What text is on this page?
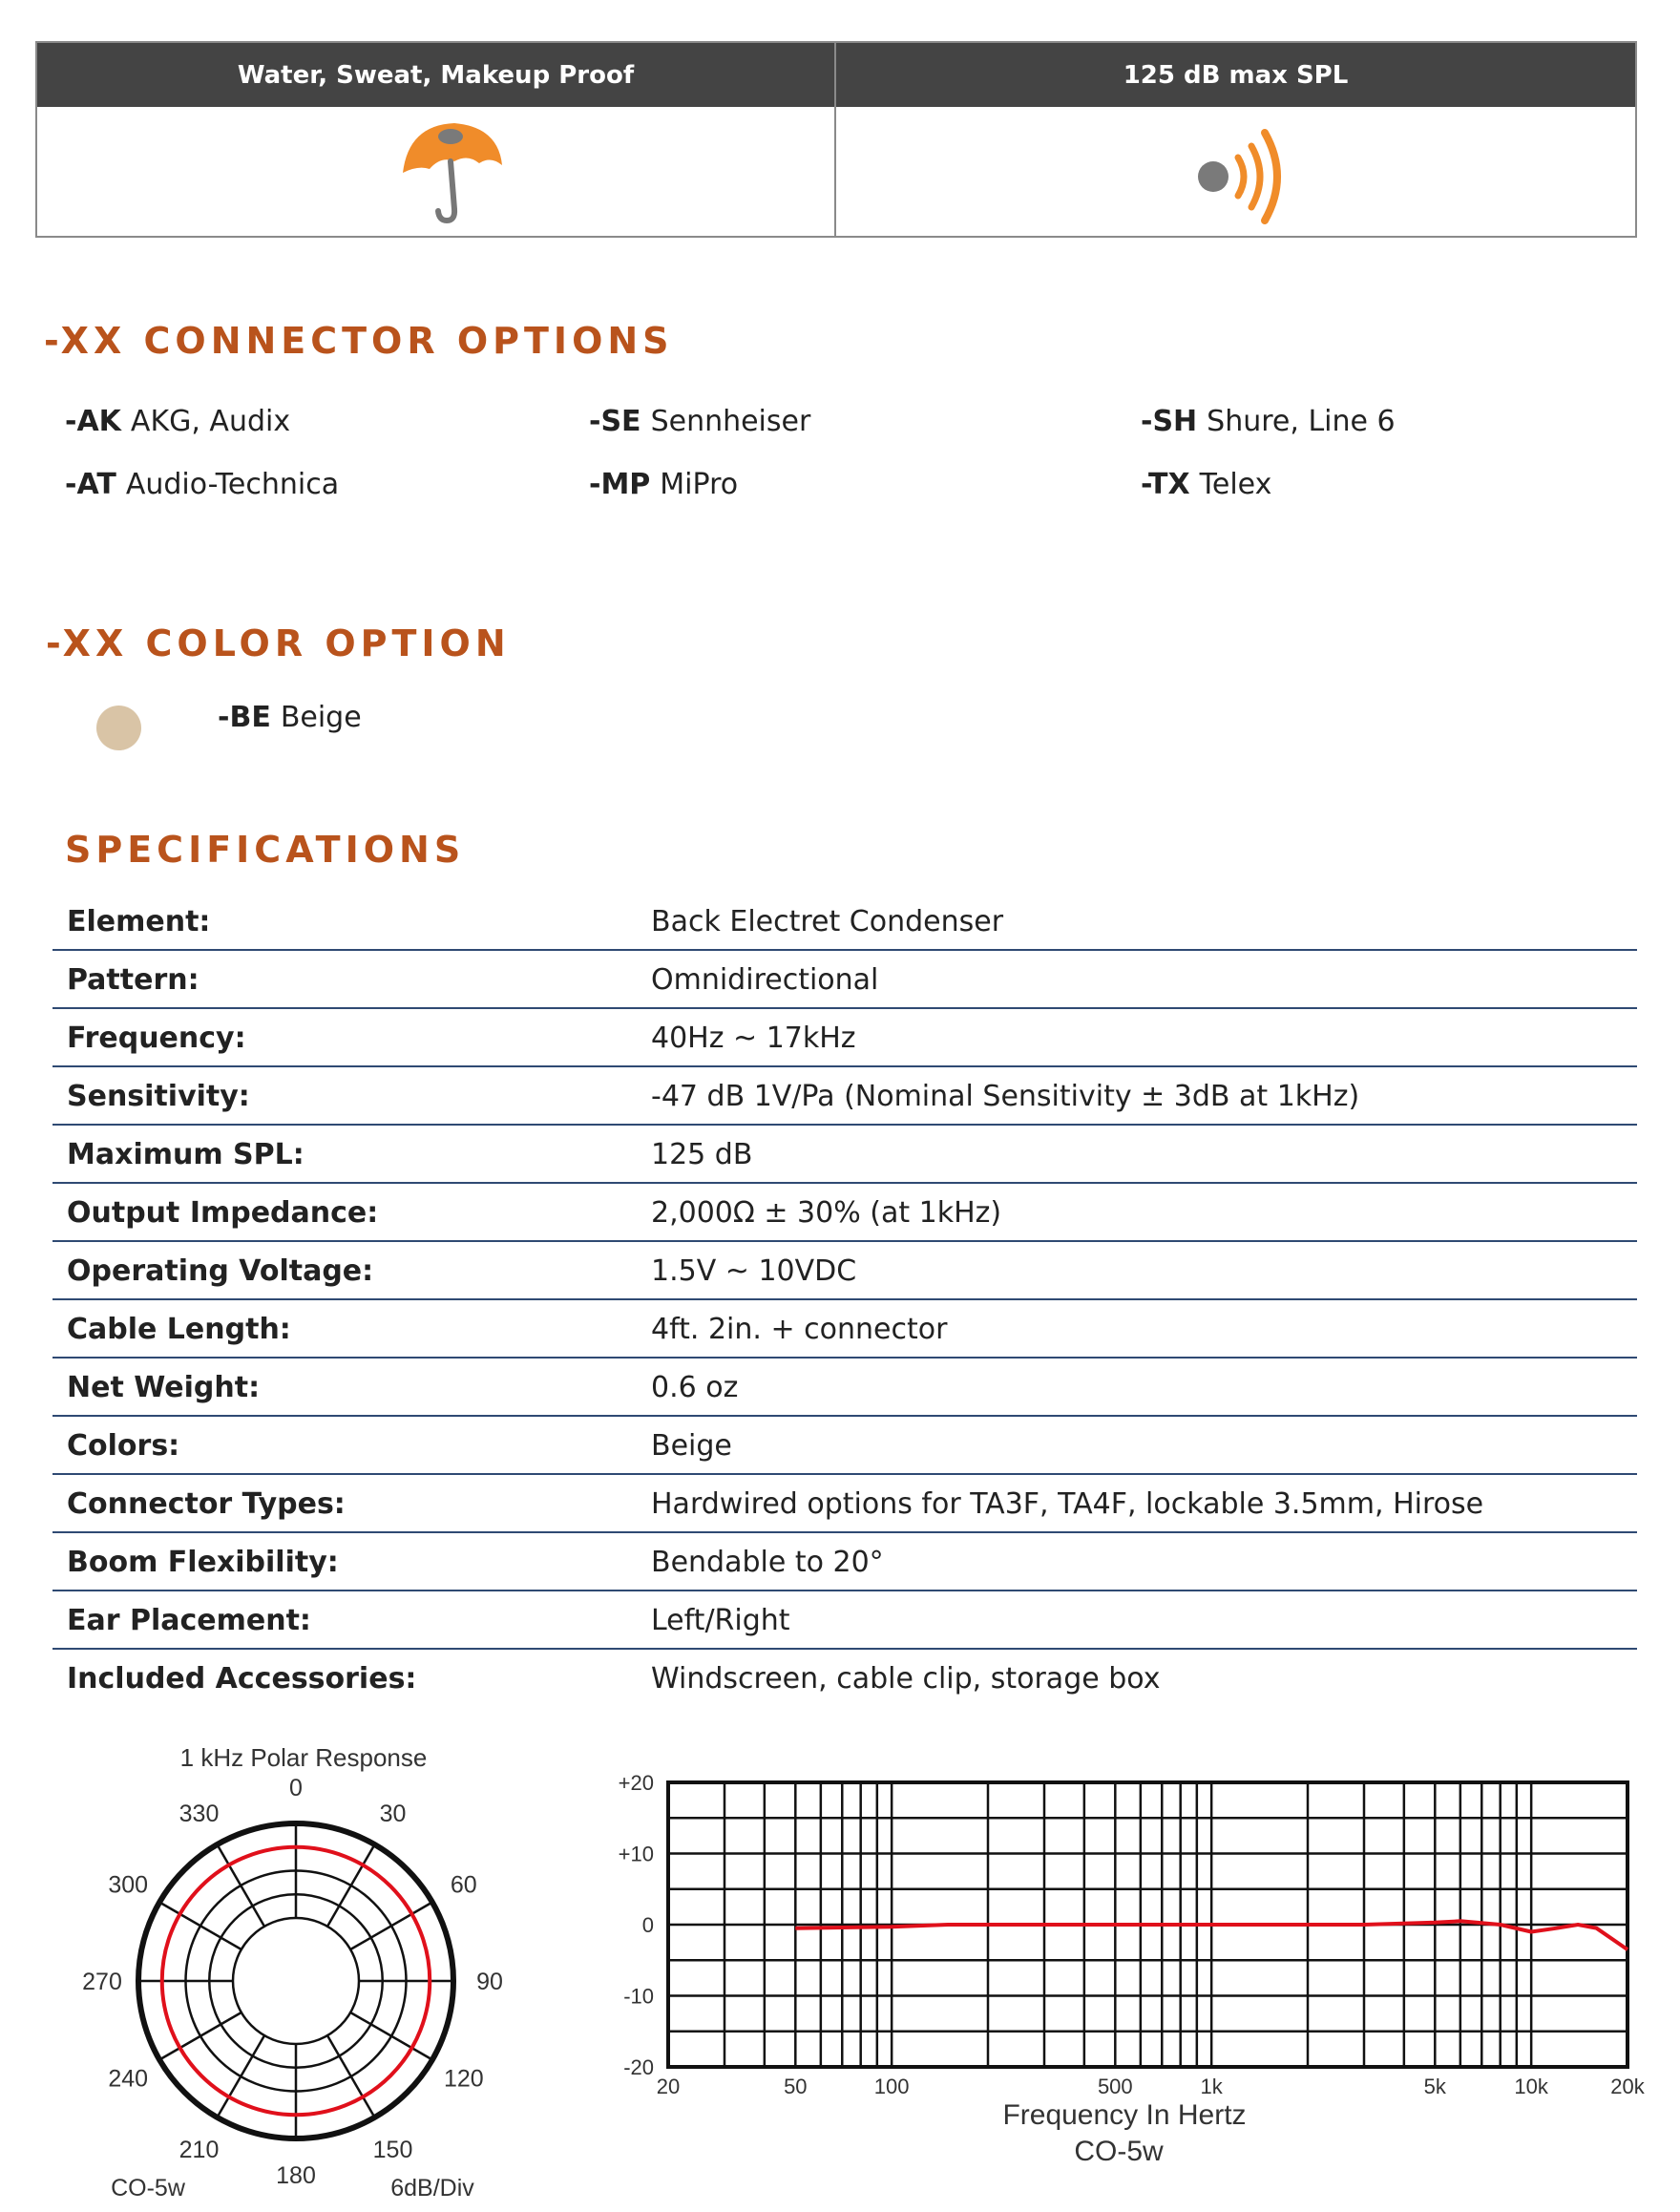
Water, Sweat, Makeup Proof	125 dB max SPL
-XX CONNECTOR OPTIONS
-AK AKG, Audix	-SE Sennheiser	-SH Shure, Line 6
-AT Audio-Technica	-MP MiPro	-TX Telex
-XX COLOR OPTION
-BE Beige
SPECIFICATIONS
Element:	Back Electret Condenser
Pattern:	Omnidirectional
Frequency:	40Hz ~ 17kHz
Sensitivity:	-47 dB 1V/Pa (Nominal Sensitivity ± 3dB at 1kHz)
Maximum SPL:	125 dB
Output Impedance:	2,000Ω ± 30% (at 1kHz)
Operating Voltage:	1.5V ~ 10VDC
Cable Length:	4ft. 2in. + connector
Net Weight:	0.6 oz
Colors:	Beige
Connector Types:	Hardwired options for TA3F, TA4F, lockable 3.5mm, Hirose
Boom Flexibility:	Bendable to 20°
Ear Placement:	Left/Right
Included Accessories:	Windscreen, cable clip, storage box
1 kHz Polar Response
0
30
60
90
120
150
180
210
240
270
300
330
CO-5w	6dB/Div
+20
+10
0
-10
-20
20	50	100	500	1k	5k	10k	20k
Frequency In Hertz
CO-5w
